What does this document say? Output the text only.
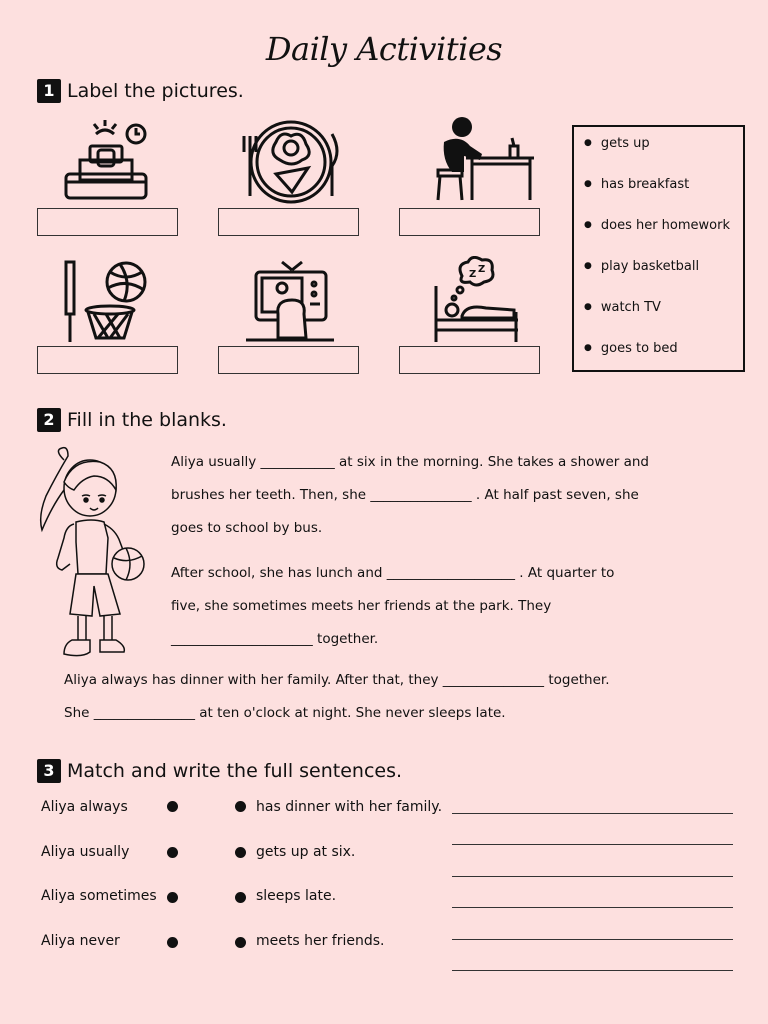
Daily Activities
1 Label the pictures.
Z Z
● gets up
● has breakfast
● does her homework
● play basketball
● watch TV
● goes to bed
2 Fill in the blanks.
Aliya usually ___________ at six in the morning. She takes a shower and
brushes her teeth. Then, she _______________ . At half past seven, she
goes to school by bus.
After school, she has lunch and ___________________ . At quarter to
five, she sometimes meets her friends at the park. They
_____________________ together.
Aliya always has dinner with her family. After that, they _______________ together.
She _______________ at ten o'clock at night. She never sleeps late.
3 Match and write the full sentences.
Aliya always
Aliya usually
Aliya sometimes
Aliya never
has dinner with her family.
gets up at six.
sleeps late.
meets her friends.
